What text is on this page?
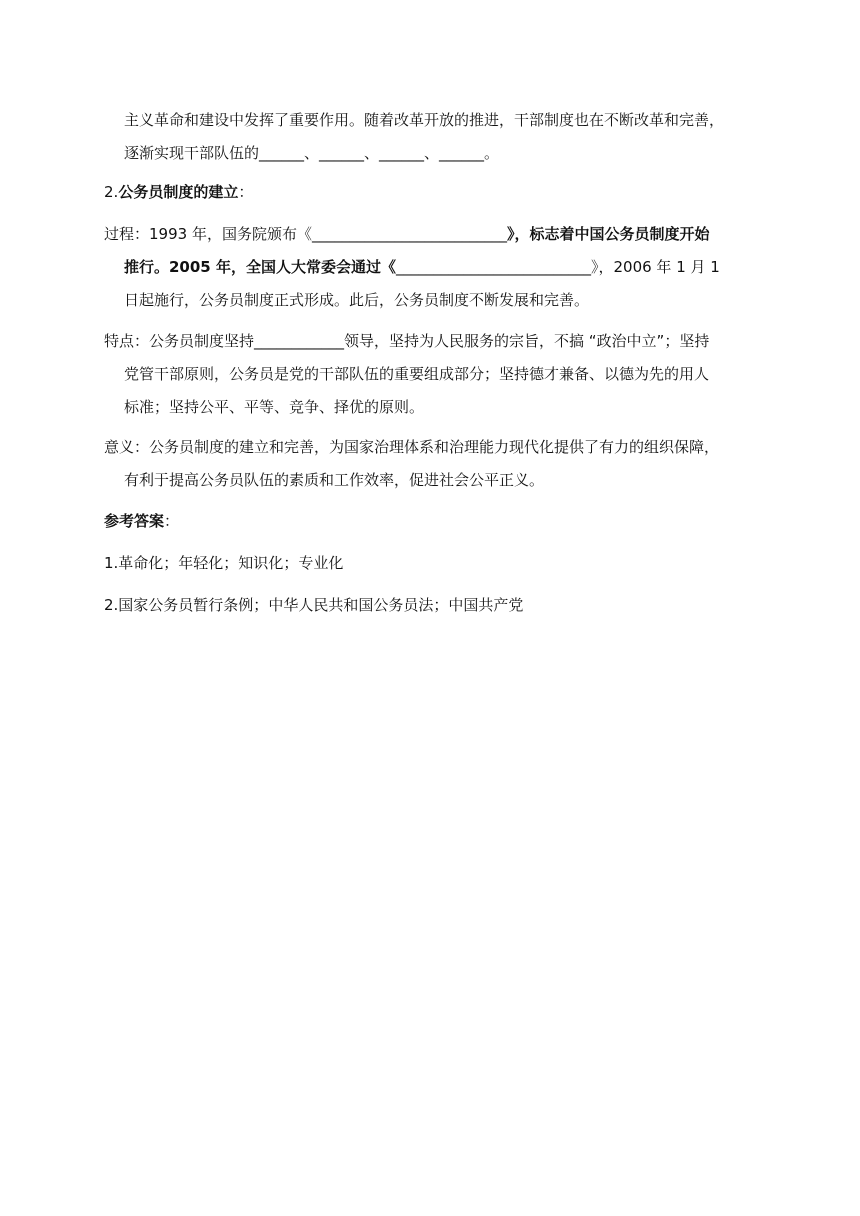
主义革命和建设中发挥了重要作用。随着改革开放的推进，干部制度也在不断改革和完善，
逐渐实现干部队伍的______、______、______、______。
2.公务员制度的建立：
过程：1993 年，国务院颁布《__________________________》，标志着中国公务员制度开始
推行。2005 年，全国人大常委会通过《__________________________》，2006 年 1 月 1
日起施行，公务员制度正式形成。此后，公务员制度不断发展和完善。
特点：公务员制度坚持____________领导，坚持为人民服务的宗旨，不搞 “政治中立”；坚持
党管干部原则，公务员是党的干部队伍的重要组成部分；坚持德才兼备、以德为先的用人
标准；坚持公平、平等、竞争、择优的原则。
意义：公务员制度的建立和完善，为国家治理体系和治理能力现代化提供了有力的组织保障，
有利于提高公务员队伍的素质和工作效率，促进社会公平正义。
参考答案：
1.革命化；年轻化；知识化；专业化
2.国家公务员暂行条例；中华人民共和国公务员法；中国共产党
